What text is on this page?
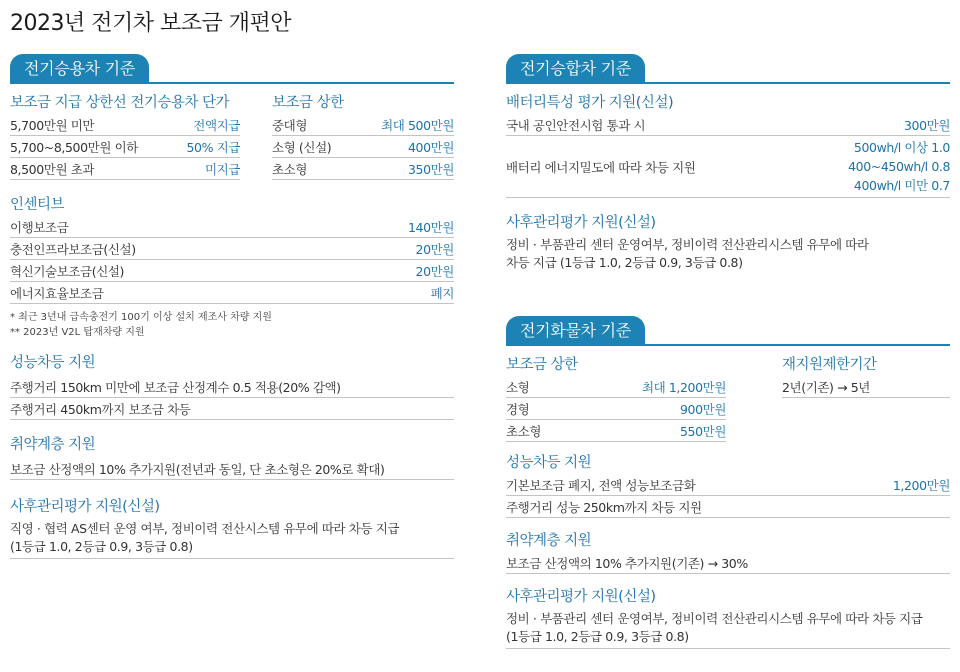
2023년 전기차 보조금 개편안
전기승용차 기준
보조금 지급 상한선 전기승용차 단가
5,700만원 미만	전액지급
5,700~8,500만원 이하	50% 지급
8,500만원 초과	미지급
보조금 상한
중대형	최대 500만원
소형 (신설)	400만원
초소형	350만원
인센티브
이행보조금	140만원
충전인프라보조금(신설)	20만원
혁신기술보조금(신설)	20만원
에너지효율보조금	폐지
* 최근 3년내 급속충전기 100기 이상 설치 제조사 차량 지원
** 2023년 V2L 탑재차량 지원
성능차등 지원
주행거리 150km 미만에 보조금 산정계수 0.5 적용(20% 감액)
주행거리 450km까지 보조금 차등
취약계층 지원
보조금 산정액의 10% 추가지원(전년과 동일, 단 초소형은 20%로 확대)
사후관리평가 지원(신설)
직영 · 협력 AS센터 운영 여부, 정비이력 전산시스템 유무에 따라 차등 지급
(1등급 1.0, 2등급 0.9, 3등급 0.8)
전기승합차 기준
배터리특성 평가 지원(신설)
국내 공인안전시험 통과 시	300만원
배터리 에너지밀도에 따라 차등 지원
500wh/l 이상 1.0
400~450wh/l 0.8
400wh/l 미만 0.7
사후관리평가 지원(신설)
정비 · 부품관리 센터 운영여부, 정비이력 전산관리시스템 유무에 따라
차등 지급 (1등급 1.0, 2등급 0.9, 3등급 0.8)
전기화물차 기준
보조금 상한
소형	최대 1,200만원
경형	900만원
초소형	550만원
재지원제한기간
2년(기존) → 5년
성능차등 지원
기본보조금 폐지, 전액 성능보조금화	1,200만원
주행거리 성능 250km까지 차등 지원
취약계층 지원
보조금 산정액의 10% 추가지원(기존) → 30%
사후관리평가 지원(신설)
정비 · 부품관리 센터 운영여부, 정비이력 전산관리시스템 유무에 따라 차등 지급
(1등급 1.0, 2등급 0.9, 3등급 0.8)
